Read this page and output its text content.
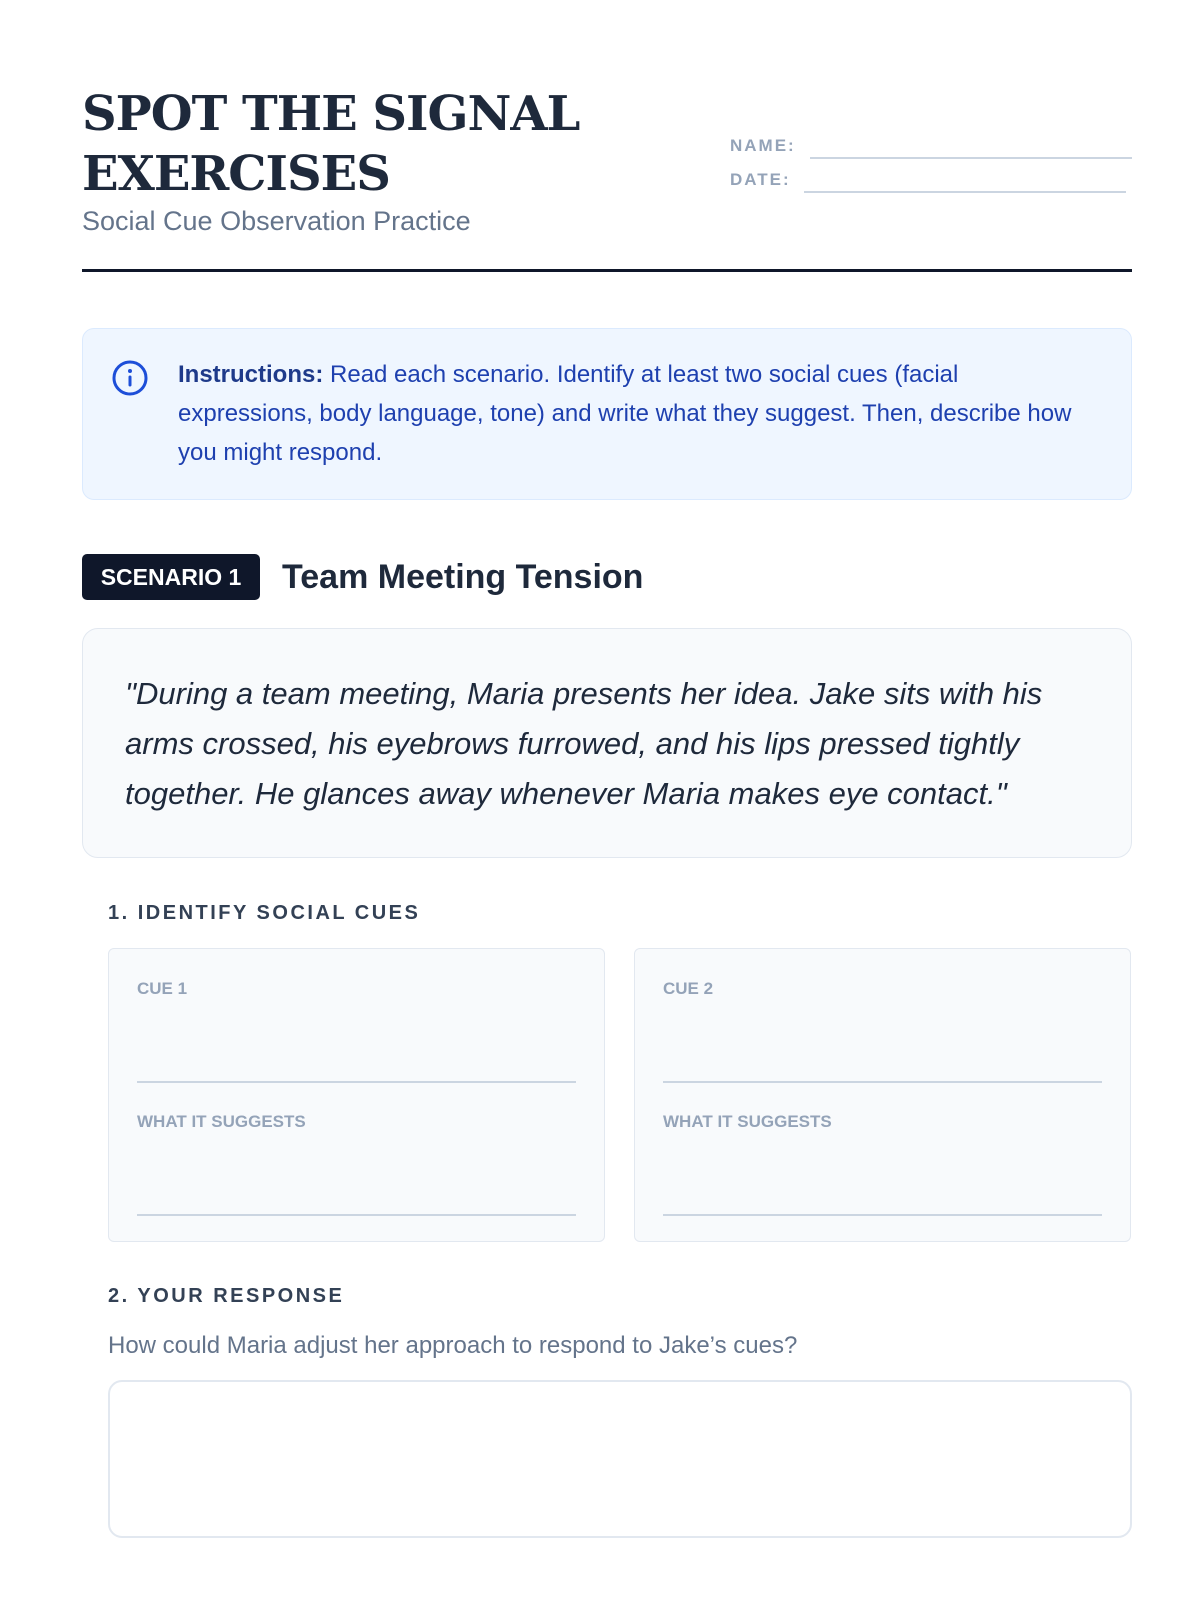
SPOT THE SIGNAL EXERCISES
Social Cue Observation Practice
NAME:
DATE:
Instructions: Read each scenario. Identify at least two social cues (facial expressions, body language, tone) and write what they suggest. Then, describe how you might respond.
SCENARIO 1	Team Meeting Tension
"During a team meeting, Maria presents her idea. Jake sits with his arms crossed, his eyebrows furrowed, and his lips pressed tightly together. He glances away whenever Maria makes eye contact."
1. IDENTIFY SOCIAL CUES
CUE 1
WHAT IT SUGGESTS
CUE 2
WHAT IT SUGGESTS
2. YOUR RESPONSE
How could Maria adjust her approach to respond to Jake’s cues?
